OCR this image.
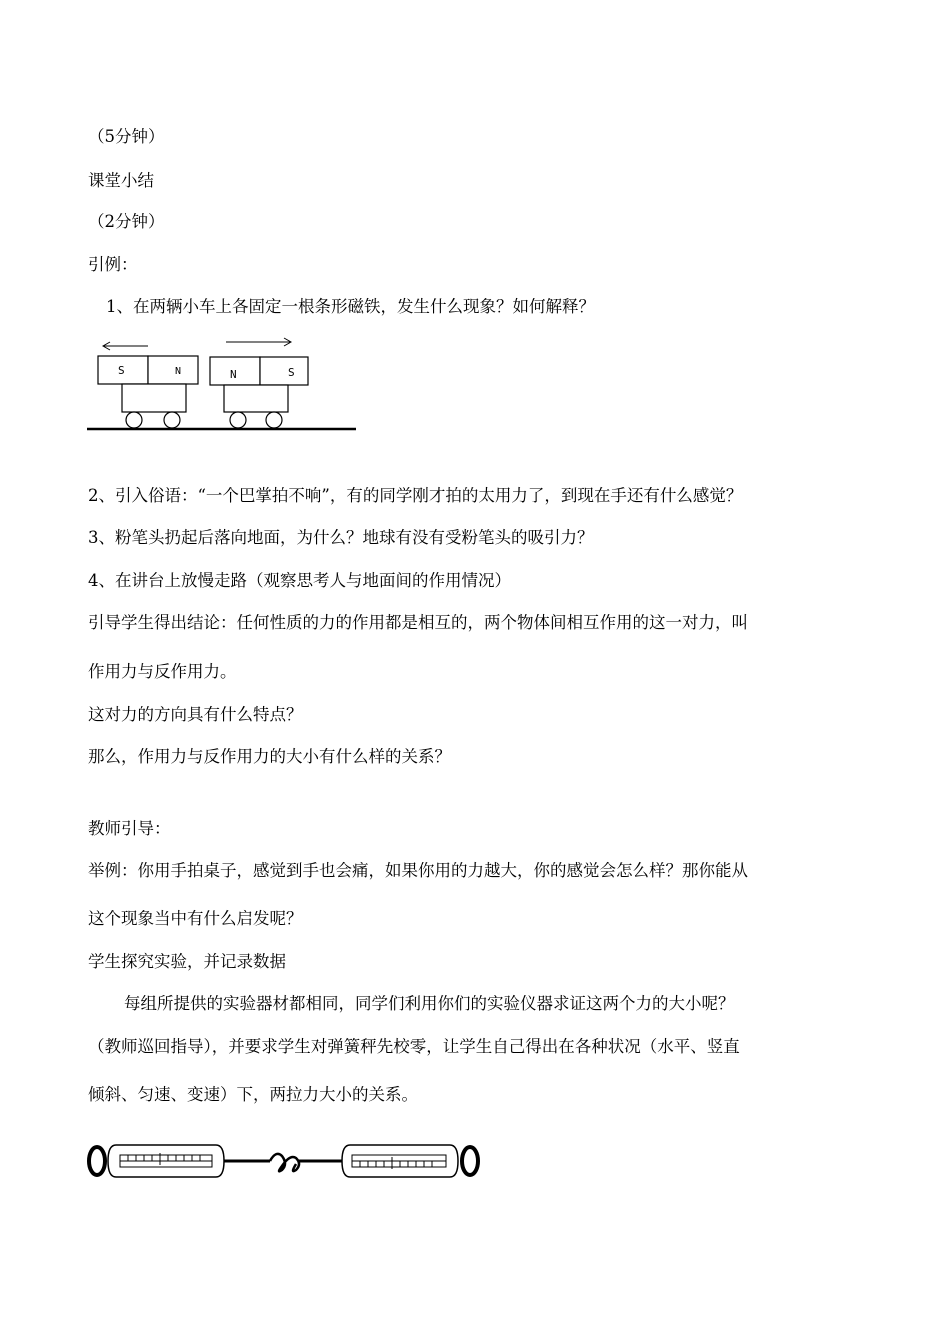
（5分钟）
课堂小结
（2分钟）
引例：
1、在两辆小车上各固定一根条形磁铁，发生什么现象？如何解释？
S	N	N	S
2、引入俗语：“一个巴掌拍不响”，有的同学刚才拍的太用力了，到现在手还有什么感觉？
3、粉笔头扔起后落向地面，为什么？地球有没有受粉笔头的吸引力？
4、在讲台上放慢走路（观察思考人与地面间的作用情况）
引导学生得出结论：任何性质的力的作用都是相互的，两个物体间相互作用的这一对力，叫
作用力与反作用力。
这对力的方向具有什么特点？
那么，作用力与反作用力的大小有什么样的关系？
教师引导：
举例：你用手拍桌子，感觉到手也会痛，如果你用的力越大，你的感觉会怎么样？那你能从
这个现象当中有什么启发呢？
学生探究实验，并记录数据
每组所提供的实验器材都相同，同学们利用你们的实验仪器求证这两个力的大小呢？
（教师巡回指导），并要求学生对弹簧秤先校零，让学生自己得出在各种状况（水平、竖直
倾斜、匀速、变速）下，两拉力大小的关系。
